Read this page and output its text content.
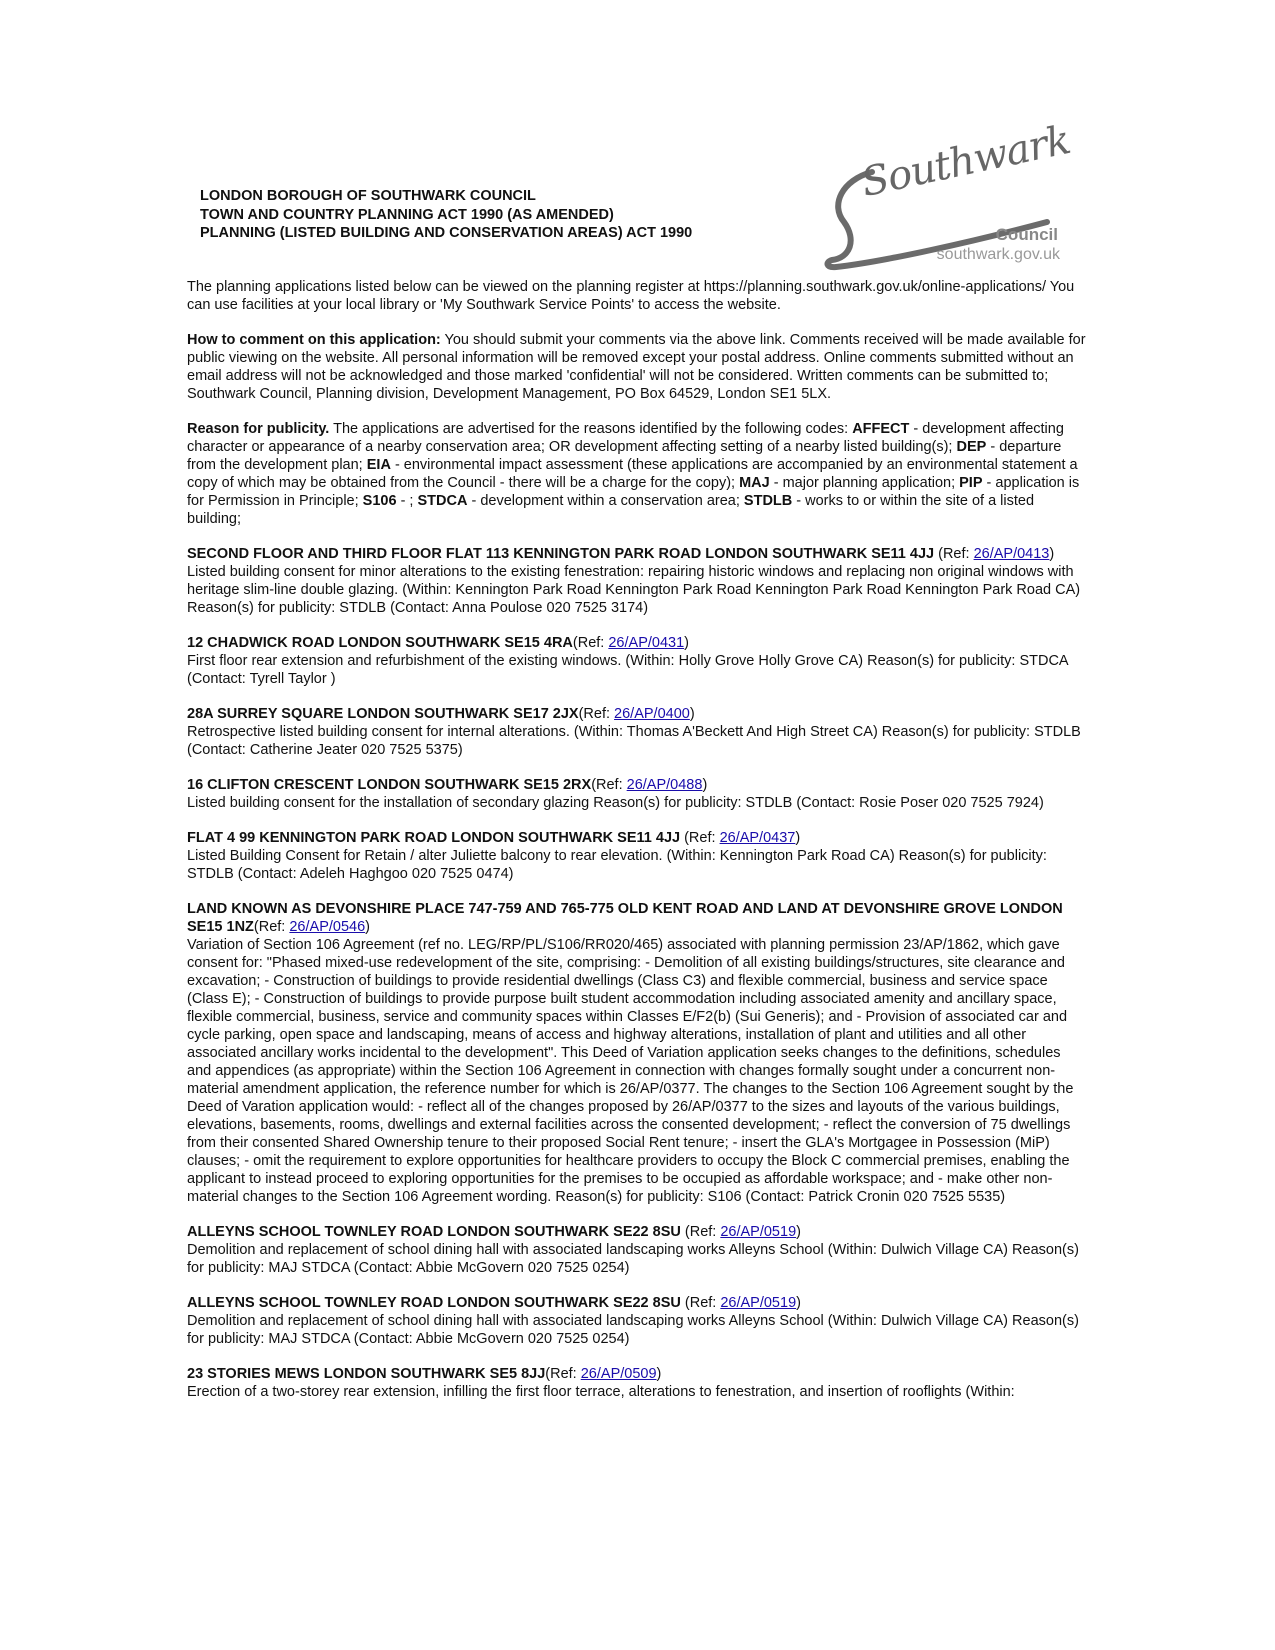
LONDON BOROUGH OF SOUTHWARK COUNCIL
TOWN AND COUNTRY PLANNING ACT 1990 (AS AMENDED)
PLANNING (LISTED BUILDING AND CONSERVATION AREAS) ACT 1990
Southwark
Council
southwark.gov.uk

The planning applications listed below can be viewed on the planning register at https://planning.southwark.gov.uk/online-applications/ You can use facilities at your local library or 'My Southwark Service Points' to access the website.

How to comment on this application: You should submit your comments via the above link. Comments received will be made available for public viewing on the website. All personal information will be removed except your postal address. Online comments submitted without an email address will not be acknowledged and those marked 'confidential' will not be considered. Written comments can be submitted to; Southwark Council, Planning division, Development Management, PO Box 64529, London SE1 5LX.

Reason for publicity. The applications are advertised for the reasons identified by the following codes: AFFECT - development affecting character or appearance of a nearby conservation area; OR development affecting setting of a nearby listed building(s); DEP - departure from the development plan; EIA - environmental impact assessment (these applications are accompanied by an environmental statement a copy of which may be obtained from the Council - there will be a charge for the copy); MAJ - major planning application; PIP - application is for Permission in Principle; S106 - ; STDCA - development within a conservation area; STDLB - works to or within the site of a listed building;

SECOND FLOOR AND THIRD FLOOR FLAT 113 KENNINGTON PARK ROAD LONDON SOUTHWARK SE11 4JJ (Ref: 26/AP/0413)
Listed building consent for minor alterations to the existing fenestration: repairing historic windows and replacing non original windows with heritage slim-line double glazing. (Within: Kennington Park Road Kennington Park Road Kennington Park Road Kennington Park Road CA) Reason(s) for publicity: STDLB (Contact: Anna Poulose 020 7525 3174)
12 CHADWICK ROAD LONDON SOUTHWARK SE15 4RA(Ref: 26/AP/0431)
First floor rear extension and refurbishment of the existing windows. (Within: Holly Grove Holly Grove CA) Reason(s) for publicity: STDCA (Contact: Tyrell Taylor )
28A SURREY SQUARE LONDON SOUTHWARK SE17 2JX(Ref: 26/AP/0400)
Retrospective listed building consent for internal alterations. (Within: Thomas A'Beckett And High Street CA) Reason(s) for publicity: STDLB (Contact: Catherine Jeater 020 7525 5375)
16 CLIFTON CRESCENT LONDON SOUTHWARK SE15 2RX(Ref: 26/AP/0488)
Listed building consent for the installation of secondary glazing Reason(s) for publicity: STDLB (Contact: Rosie Poser 020 7525 7924)
FLAT 4 99 KENNINGTON PARK ROAD LONDON SOUTHWARK SE11 4JJ (Ref: 26/AP/0437)
Listed Building Consent for Retain / alter Juliette balcony to rear elevation. (Within: Kennington Park Road CA) Reason(s) for publicity: STDLB (Contact: Adeleh Haghgoo 020 7525 0474)
LAND KNOWN AS DEVONSHIRE PLACE 747-759 AND 765-775 OLD KENT ROAD AND LAND AT DEVONSHIRE GROVE LONDON SE15 1NZ(Ref: 26/AP/0546)
Variation of Section 106 Agreement (ref no. LEG/RP/PL/S106/RR020/465) associated with planning permission 23/AP/1862, which gave consent for: "Phased mixed-use redevelopment of the site, comprising: - Demolition of all existing buildings/structures, site clearance and excavation; - Construction of buildings to provide residential dwellings (Class C3) and flexible commercial, business and service space (Class E); - Construction of buildings to provide purpose built student accommodation including associated amenity and ancillary space, flexible commercial, business, service and community spaces within Classes E/F2(b) (Sui Generis); and - Provision of associated car and cycle parking, open space and landscaping, means of access and highway alterations, installation of plant and utilities and all other associated ancillary works incidental to the development". This Deed of Variation application seeks changes to the definitions, schedules and appendices (as appropriate) within the Section 106 Agreement in connection with changes formally sought under a concurrent non-material amendment application, the reference number for which is 26/AP/0377. The changes to the Section 106 Agreement sought by the Deed of Varation application would: - reflect all of the changes proposed by 26/AP/0377 to the sizes and layouts of the various buildings, elevations, basements, rooms, dwellings and external facilities across the consented development; - reflect the conversion of 75 dwellings from their consented Shared Ownership tenure to their proposed Social Rent tenure; - insert the GLA's Mortgagee in Possession (MiP) clauses; - omit the requirement to explore opportunities for healthcare providers to occupy the Block C commercial premises, enabling the applicant to instead proceed to exploring opportunities for the premises to be occupied as affordable workspace; and - make other non-material changes to the Section 106 Agreement wording. Reason(s) for publicity: S106 (Contact: Patrick Cronin 020 7525 5535)
ALLEYNS SCHOOL TOWNLEY ROAD LONDON SOUTHWARK SE22 8SU (Ref: 26/AP/0519)
Demolition and replacement of school dining hall with associated landscaping works Alleyns School (Within: Dulwich Village CA) Reason(s) for publicity: MAJ STDCA (Contact: Abbie McGovern 020 7525 0254)
ALLEYNS SCHOOL TOWNLEY ROAD LONDON SOUTHWARK SE22 8SU (Ref: 26/AP/0519)
Demolition and replacement of school dining hall with associated landscaping works Alleyns School (Within: Dulwich Village CA) Reason(s) for publicity: MAJ STDCA (Contact: Abbie McGovern 020 7525 0254)
23 STORIES MEWS LONDON SOUTHWARK SE5 8JJ(Ref: 26/AP/0509)
Erection of a two-storey rear extension, infilling the first floor terrace, alterations to fenestration, and insertion of rooflights (Within:
